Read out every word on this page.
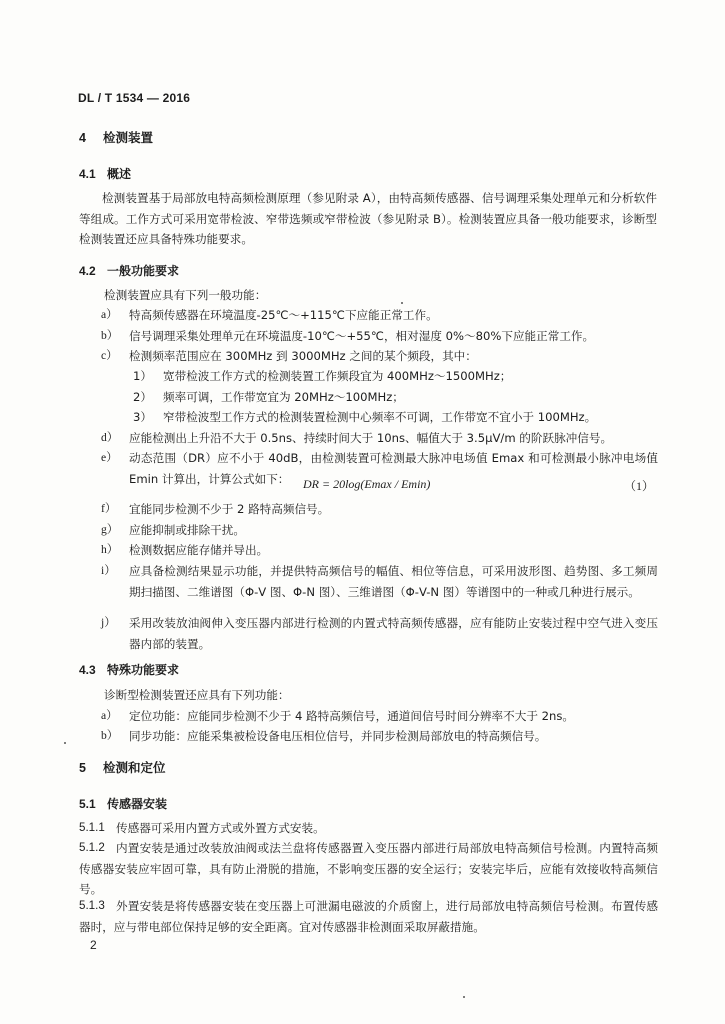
DL / T 1534 — 2016
4 检测装置
4.1 概述
检测装置基于局部放电特高频检测原理（参见附录 A），由特高频传感器、信号调理采集处理单元和分析软件等组成。工作方式可采用宽带检波、窄带选频或窄带检波（参见附录 B）。检测装置应具备一般功能要求，诊断型检测装置还应具备特殊功能要求。
4.2 一般功能要求
检测装置应具有下列一般功能：
a） 特高频传感器在环境温度-25℃～+115℃下应能正常工作。
b） 信号调理采集处理单元在环境温度-10℃～+55℃，相对湿度 0%～80%下应能正常工作。
c） 检测频率范围应在 300MHz 到 3000MHz 之间的某个频段，其中：
1） 宽带检波工作方式的检测装置工作频段宜为 400MHz～1500MHz；
2） 频率可调，工作带宽宜为 20MHz～100MHz；
3） 窄带检波型工作方式的检测装置检测中心频率不可调，工作带宽不宜小于 100MHz。
d） 应能检测出上升沿不大于 0.5ns、持续时间大于 10ns、幅值大于 3.5μV/m 的阶跃脉冲信号。
e） 动态范围（DR）应不小于 40dB，由检测装置可检测最大脉冲电场值 Emax 和可检测最小脉冲电场值 Emin 计算出，计算公式如下：	DR = 20log(Emax / Emin)	（1）
f）	宜能同步检测不少于 2 路特高频信号。
g） 应能抑制或排除干扰。
h） 检测数据应能存储并导出。
i）	应具备检测结果显示功能，并提供特高频信号的幅值、相位等信息，可采用波形图、趋势图、多工频周期扫描图、二维谱图（Φ-V 图、Φ-N 图）、三维谱图（Φ-V-N 图）等谱图中的一种或几种进行展示。
j）	采用改装放油阀伸入变压器内部进行检测的内置式特高频传感器，应有能防止安装过程中空气进入变压器内部的装置。
4.3 特殊功能要求
诊断型检测装置还应具有下列功能：
a） 定位功能：应能同步检测不少于 4 路特高频信号，通道间信号时间分辨率不大于 2ns。
b） 同步功能：应能采集被检设备电压相位信号，并同步检测局部放电的特高频信号。
5 检测和定位
5.1 传感器安装
5.1.1 传感器可采用内置方式或外置方式安装。
5.1.2 内置安装是通过改装放油阀或法兰盘将传感器置入变压器内部进行局部放电特高频信号检测。内置特高频传感器安装应牢固可靠，具有防止滑脱的措施，不影响变压器的安全运行；安装完毕后，应能有效接收特高频信号。
5.1.3 外置安装是将传感器安装在变压器上可泄漏电磁波的介质窗上，进行局部放电特高频信号检测。布置传感器时，应与带电部位保持足够的安全距离。宜对传感器非检测面采取屏蔽措施。
2
